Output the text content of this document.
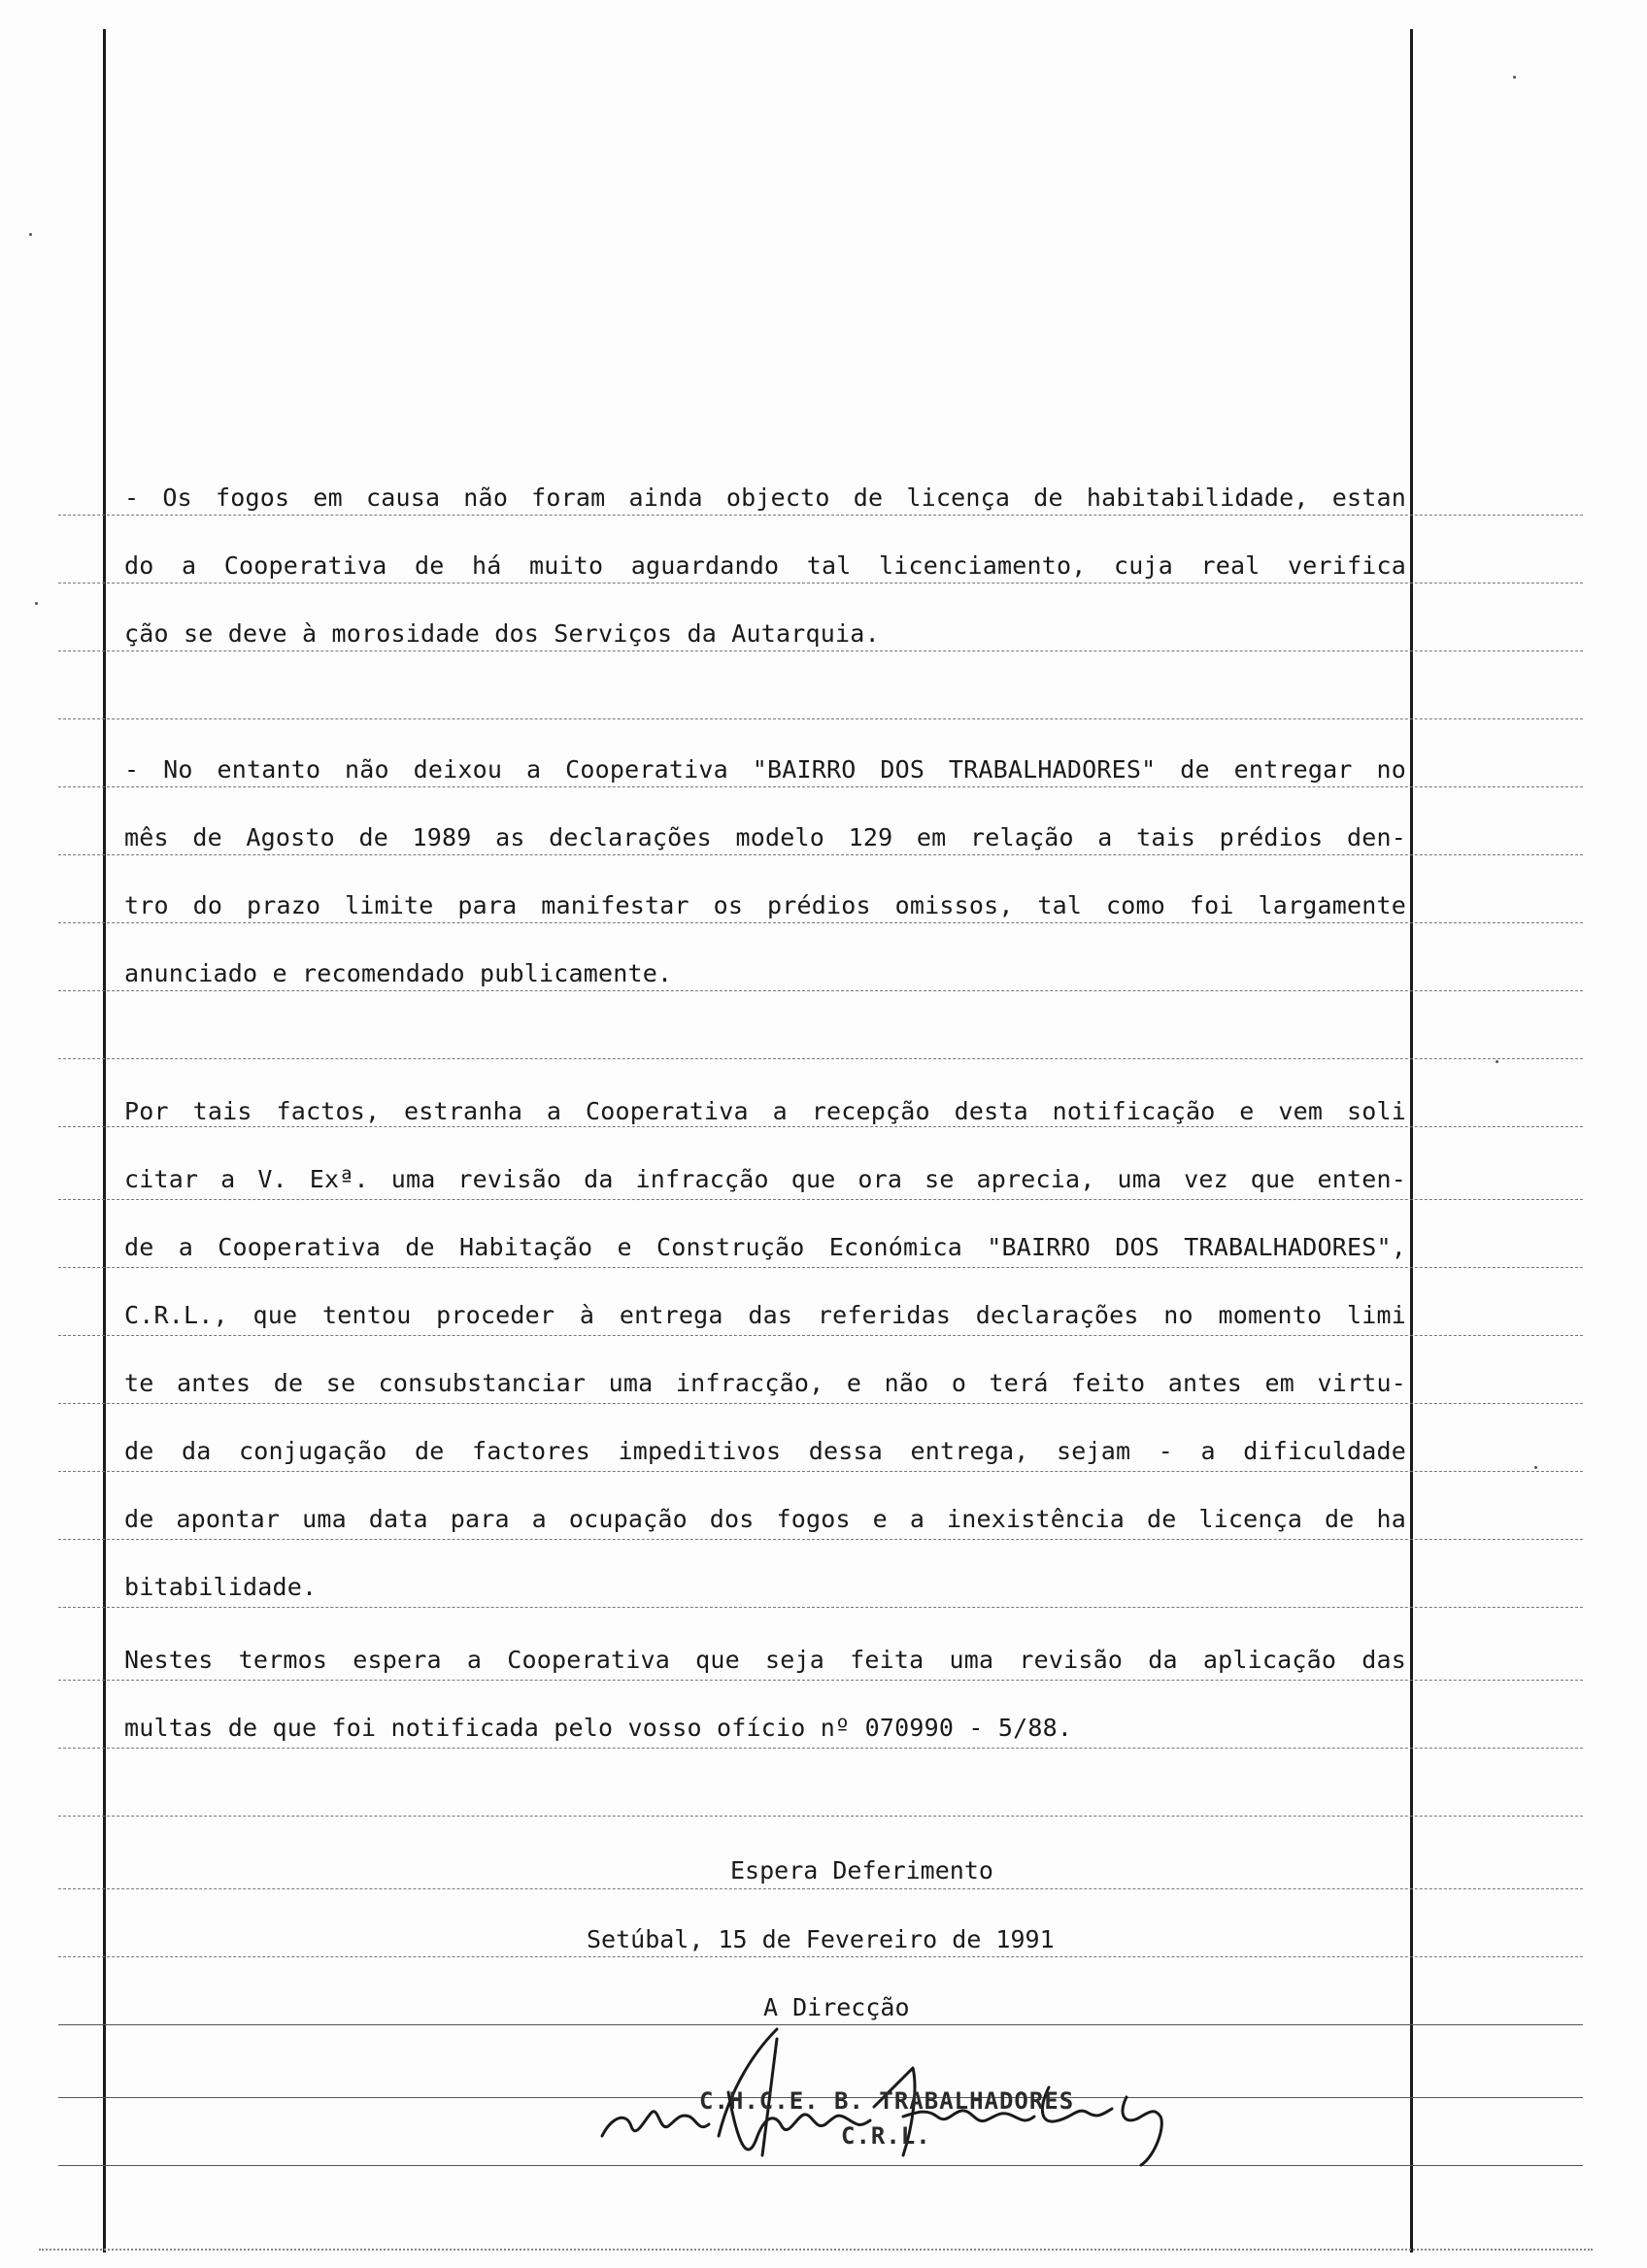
- Os fogos em causa não foram ainda objecto de licença de habitabilidade, estan
do a Cooperativa de há muito aguardando tal licenciamento, cuja real verifica
ção se deve à morosidade dos Serviços da Autarquia.
- No entanto não deixou a Cooperativa "BAIRRO DOS TRABALHADORES" de entregar no
mês de Agosto de 1989 as declarações modelo 129 em relação a tais prédios den-
tro do prazo limite para manifestar os prédios omissos, tal como foi largamente
anunciado e recomendado publicamente.
Por tais factos, estranha a Cooperativa a recepção desta notificação e vem soli
citar a V. Exª. uma revisão da infracção que ora se aprecia, uma vez que enten-
de a Cooperativa de Habitação e Construção Económica "BAIRRO DOS TRABALHADORES",
C.R.L., que tentou proceder à entrega das referidas declarações no momento limi
te antes de se consubstanciar uma infracção, e não o terá feito antes em virtu-
de da conjugação de factores impeditivos dessa entrega, sejam - a dificuldade
de apontar uma data para a ocupação dos fogos e a inexistência de licença de ha
bitabilidade.
Nestes termos espera a Cooperativa que seja feita uma revisão da aplicação das
multas de que foi notificada pelo vosso ofício nº 070990 - 5/88.
Espera Deferimento
Setúbal, 15 de Fevereiro de 1991
A Direcção
C.H.C.E. B. TRABALHADORES
C.R.L.
